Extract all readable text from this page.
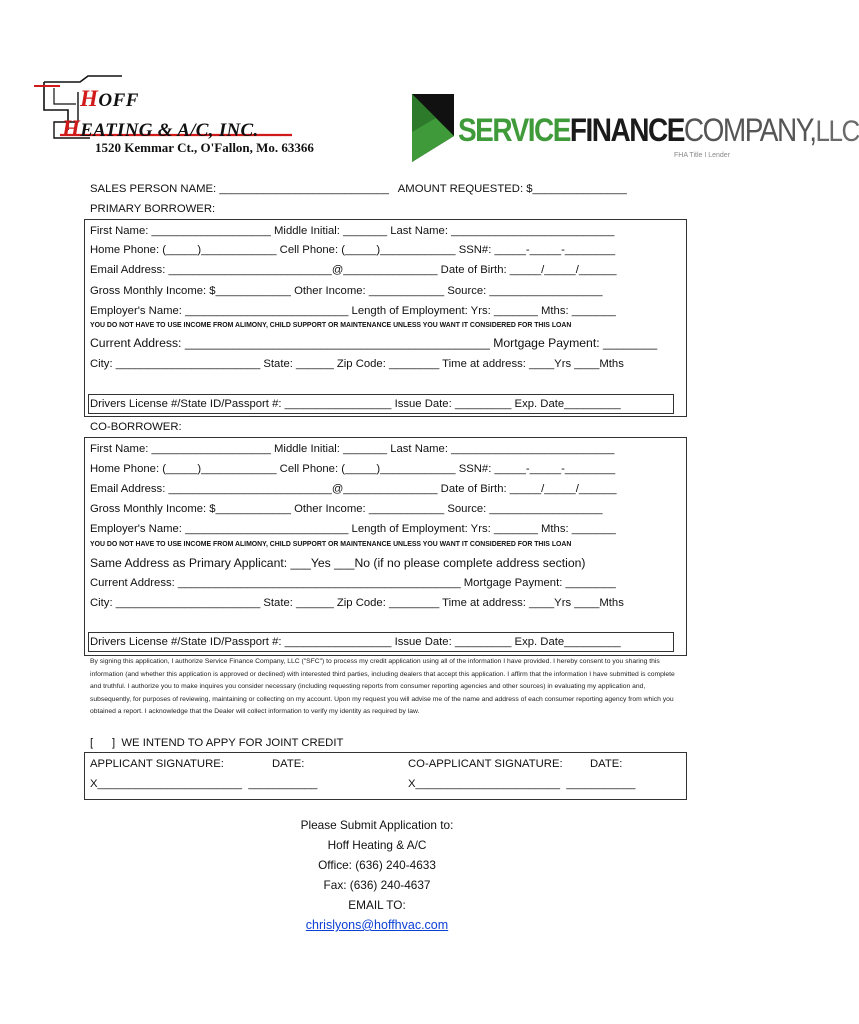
HOFF
HEATING & A/C, INC.
1520 Kemmar Ct., O'Fallon, Mo. 63366	SERVICEFINANCECOMPANY,LLC
FHA Title I Lender
SALES PERSON NAME: ___________________________   AMOUNT REQUESTED: $_______________
PRIMARY BORROWER:
First Name: ___________________ Middle Initial: _______ Last Name: __________________________
Home Phone: (_____)____________ Cell Phone: (_____)____________ SSN#: _____-_____-________
Email Address: __________________________@_______________ Date of Birth: _____/_____/______
Gross Monthly Income: $____________ Other Income: ____________ Source: __________________
Employer's Name: __________________________ Length of Employment: Yrs: _______ Mths: _______
YOU DO NOT HAVE TO USE INCOME FROM ALIMONY, CHILD SUPPORT OR MAINTENANCE UNLESS YOU WANT IT CONSIDERED FOR THIS LOAN
Current Address: _____________________________________________ Mortgage Payment: ________
City: _______________________ State: ______ Zip Code: ________ Time at address: ____Yrs ____Mths
Drivers License #/State ID/Passport #: _________________ Issue Date: _________ Exp. Date_________
CO-BORROWER:
First Name: ___________________ Middle Initial: _______ Last Name: __________________________
Home Phone: (_____)____________ Cell Phone: (_____)____________ SSN#: _____-_____-________
Email Address: __________________________@_______________ Date of Birth: _____/_____/______
Gross Monthly Income: $____________ Other Income: ____________ Source: __________________
Employer's Name: __________________________ Length of Employment: Yrs: _______ Mths: _______
YOU DO NOT HAVE TO USE INCOME FROM ALIMONY, CHILD SUPPORT OR MAINTENANCE UNLESS YOU WANT IT CONSIDERED FOR THIS LOAN
Same Address as Primary Applicant: ___Yes ___No (if no please complete address section)
Current Address: _____________________________________________ Mortgage Payment: ________
City: _______________________ State: ______ Zip Code: ________ Time at address: ____Yrs ____Mths
Drivers License #/State ID/Passport #: _________________ Issue Date: _________ Exp. Date_________
By signing this application, I authorize Service Finance Company, LLC ("SFC") to process my credit application using all of the information I have provided. I hereby consent to you sharing this information (and whether this application is approved or declined) with interested third parties, including dealers that accept this application. I affirm that the information I have submitted is complete and truthful. I authorize you to make inquires you consider necessary (including requesting reports from consumer reporting agencies and other sources) in evaluating my application and, subsequently, for purposes of reviewing, maintaining or collecting on my account. Upon my request you will advise me of the name and address of each consumer reporting agency from which you obtained a report. I acknowledge that the Dealer will collect information to verify my identity as required by law.
[      ]  WE INTEND TO APPY FOR JOINT CREDIT
APPLICANT SIGNATURE:	DATE:	CO-APPLICANT SIGNATURE: DATE:
X_______________________  ___________	X_______________________  ___________
Please Submit Application to:
Hoff Heating & A/C
Office: (636) 240-4633
Fax: (636) 240-4637
EMAIL TO:
chrislyons@hoffhvac.com
